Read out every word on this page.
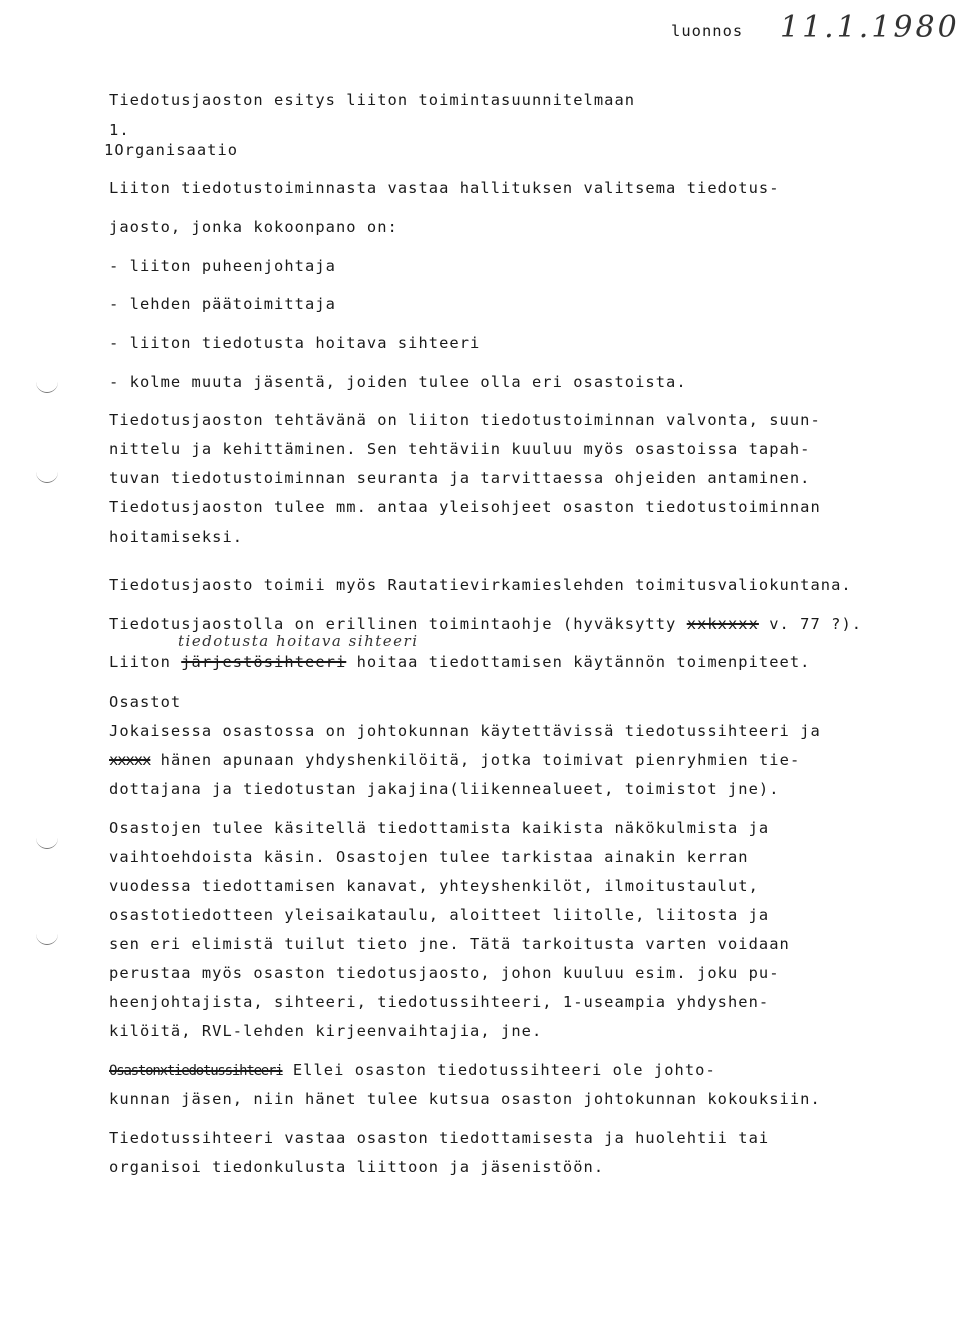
luonnos 11.1.1980
Tiedotusjaoston esitys liiton toimintasuunnitelmaan
1.
1Organisaatio
Liiton tiedotustoiminnasta vastaa hallituksen valitsema tiedotus-
jaosto, jonka kokoonpano on:
- liiton puheenjohtaja
- lehden päätoimittaja
- liiton tiedotusta hoitava sihteeri
- kolme muuta jäsentä, joiden tulee olla eri osastoista.
Tiedotusjaoston tehtävänä on liiton tiedotustoiminnan valvonta, suun-
nittelu ja kehittäminen. Sen tehtäviin kuuluu myös osastoissa tapah-
tuvan tiedotustoiminnan seuranta ja tarvittaessa ohjeiden antaminen.
Tiedotusjaoston tulee mm. antaa yleisohjeet osaston tiedotustoiminnan
hoitamiseksi.
Tiedotusjaosto toimii myös Rautatievirkamieslehden toimitusvaliokuntana.
Tiedotusjaostolla on erillinen toimintaohje (hyväksytty xxkxxxx v. 77 ?).
tiedotusta hoitava sihteeri
Liiton järjestösihteeri hoitaa tiedottamisen käytännön toimenpiteet.
Osastot
Jokaisessa osastossa on johtokunnan käytettävissä tiedotussihteeri ja
xxxxx hänen apunaan yhdyshenkilöitä, jotka toimivat pienryhmien tie-
dottajana ja tiedotustan jakajina(liikennealueet, toimistot jne).
Osastojen tulee käsitellä tiedottamista kaikista näkökulmista ja
vaihtoehdoista käsin. Osastojen tulee tarkistaa ainakin kerran
vuodessa tiedottamisen kanavat, yhteyshenkilöt, ilmoitustaulut,
osastotiedotteen yleisaikataulu, aloitteet liitolle, liitosta ja
sen eri elimistä tuilut tieto jne. Tätä tarkoitusta varten voidaan
perustaa myös osaston tiedotusjaosto, johon kuuluu esim. joku pu-
heenjohtajista, sihteeri, tiedotussihteeri, 1-useampia yhdyshen-
kilöitä, RVL-lehden kirjeenvaihtajia, jne.
Osastonxtiedotussihteeri Ellei osaston tiedotussihteeri ole johto-
kunnan jäsen, niin hänet tulee kutsua osaston johtokunnan kokouksiin.
Tiedotussihteeri vastaa osaston tiedottamisesta ja huolehtii tai
organisoi tiedonkulusta liittoon ja jäsenistöön.
